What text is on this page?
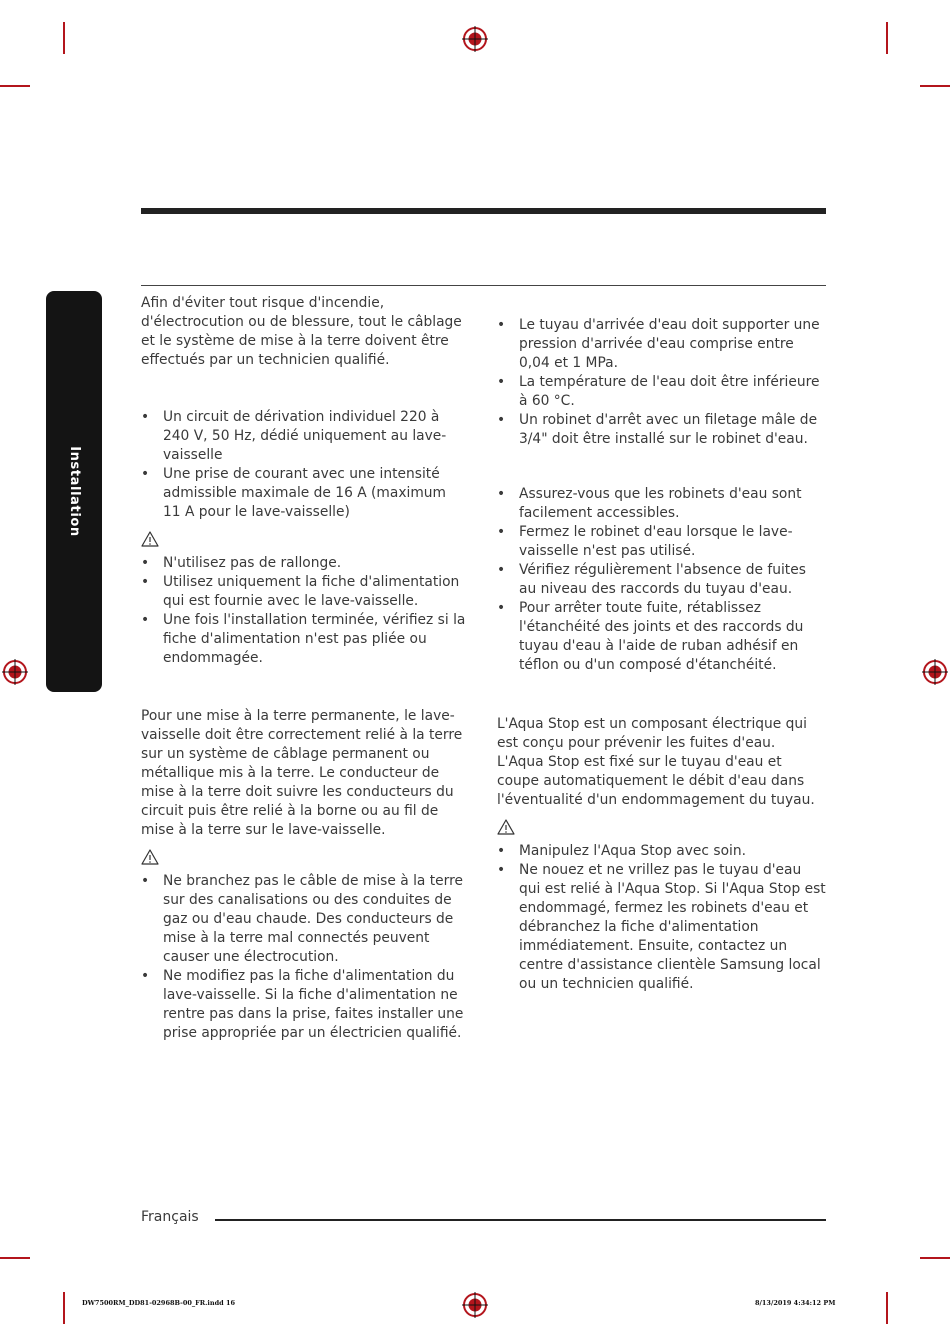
Installation

Afin d'éviter tout risque d'incendie, d'électrocution ou de blessure, tout le câblage et le système de mise à la terre doivent être effectués par un technicien qualifié.

• Un circuit de dérivation individuel 220 à 240 V, 50 Hz, dédié uniquement au lave-vaisselle
• Une prise de courant avec une intensité admissible maximale de 16 A (maximum 11 A pour le lave-vaisselle)
• N'utilisez pas de rallonge.
• Utilisez uniquement la fiche d'alimentation qui est fournie avec le lave-vaisselle.
• Une fois l'installation terminée, vérifiez si la fiche d'alimentation n'est pas pliée ou endommagée.

Pour une mise à la terre permanente, le lave-vaisselle doit être correctement relié à la terre sur un système de câblage permanent ou métallique mis à la terre. Le conducteur de mise à la terre doit suivre les conducteurs du circuit puis être relié à la borne ou au fil de mise à la terre sur le lave-vaisselle.

• Ne branchez pas le câble de mise à la terre sur des canalisations ou des conduites de gaz ou d'eau chaude. Des conducteurs de mise à la terre mal connectés peuvent causer une électrocution.
• Ne modifiez pas la fiche d'alimentation du lave-vaisselle. Si la fiche d'alimentation ne rentre pas dans la prise, faites installer une prise appropriée par un électricien qualifié.
• Le tuyau d'arrivée d'eau doit supporter une pression d'arrivée d'eau comprise entre 0,04 et 1 MPa.
• La température de l'eau doit être inférieure à 60 °C.
• Un robinet d'arrêt avec un filetage mâle de 3/4" doit être installé sur le robinet d'eau.
• Assurez-vous que les robinets d'eau sont facilement accessibles.
• Fermez le robinet d'eau lorsque le lave-vaisselle n'est pas utilisé.
• Vérifiez régulièrement l'absence de fuites au niveau des raccords du tuyau d'eau.
• Pour arrêter toute fuite, rétablissez l'étanchéité des joints et des raccords du tuyau d'eau à l'aide de ruban adhésif en téflon ou d'un composé d'étanchéité.

L'Aqua Stop est un composant électrique qui est conçu pour prévenir les fuites d'eau. L'Aqua Stop est fixé sur le tuyau d'eau et coupe automatiquement le débit d'eau dans l'éventualité d'un endommagement du tuyau.

• Manipulez l'Aqua Stop avec soin.
• Ne nouez et ne vrillez pas le tuyau d'eau qui est relié à l'Aqua Stop. Si l'Aqua Stop est endommagé, fermez les robinets d'eau et débranchez la fiche d'alimentation immédiatement. Ensuite, contactez un centre d'assistance clientèle Samsung local ou un technicien qualifié.
Français
DW7500RM_DD81-02968B-00_FR.indd 16	8/13/2019 4:34:12 PM
